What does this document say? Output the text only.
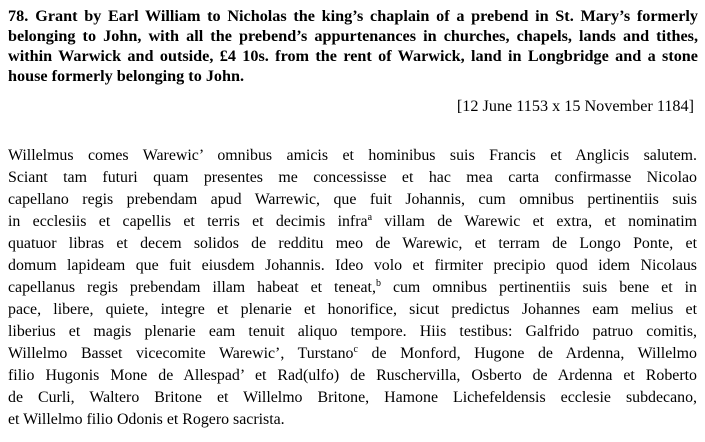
78. Grant by Earl William to Nicholas the king’s chaplain of a prebend in St. Mary’s formerly belonging to John, with all the prebend’s appurtenances in churches, chapels, lands and tithes, within Warwick and outside, £4 10s. from the rent of Warwick, land in Longbridge and a stone house formerly belonging to John.
[12 June 1153 x 15 November 1184]
Willelmus comes Warewic’ omnibus amicis et hominibus suis Francis et Anglicis salutem.
Sciant tam futuri quam presentes me concessisse et hac mea carta confirmasse Nicolao
capellano regis prebendam apud Warrewic, que fuit Johannis, cum omnibus pertinentiis suis
in ecclesiis et capellis et terris et decimis infra$^a$ villam de Warewic et extra, et nominatim
quatuor libras et decem solidos de redditu meo de Warewic, et terram de Longo Ponte, et
domum lapideam que fuit eiusdem Johannis. Ideo volo et firmiter precipio quod idem Nicolaus
capellanus regis prebendam illam habeat et teneat,$^b$ cum omnibus pertinentiis suis bene et in
pace, libere, quiete, integre et plenarie et honorifice, sicut predictus Johannes eam melius et
liberius et magis plenarie eam tenuit aliquo tempore. Hiis testibus: Galfrido patruo comitis,
Willelmo Basset vicecomite Warewic’, Turstano$^c$ de Monford, Hugone de Ardenna, Willelmo
filio Hugonis Mone de Allespad’ et Rad(ulfo) de Ruschervilla, Osberto de Ardenna et Roberto
de Curli, Waltero Britone et Willelmo Britone, Hamone Lichefeldensis ecclesie subdecano,
et Willelmo filio Odonis et Rogero sacrista.
